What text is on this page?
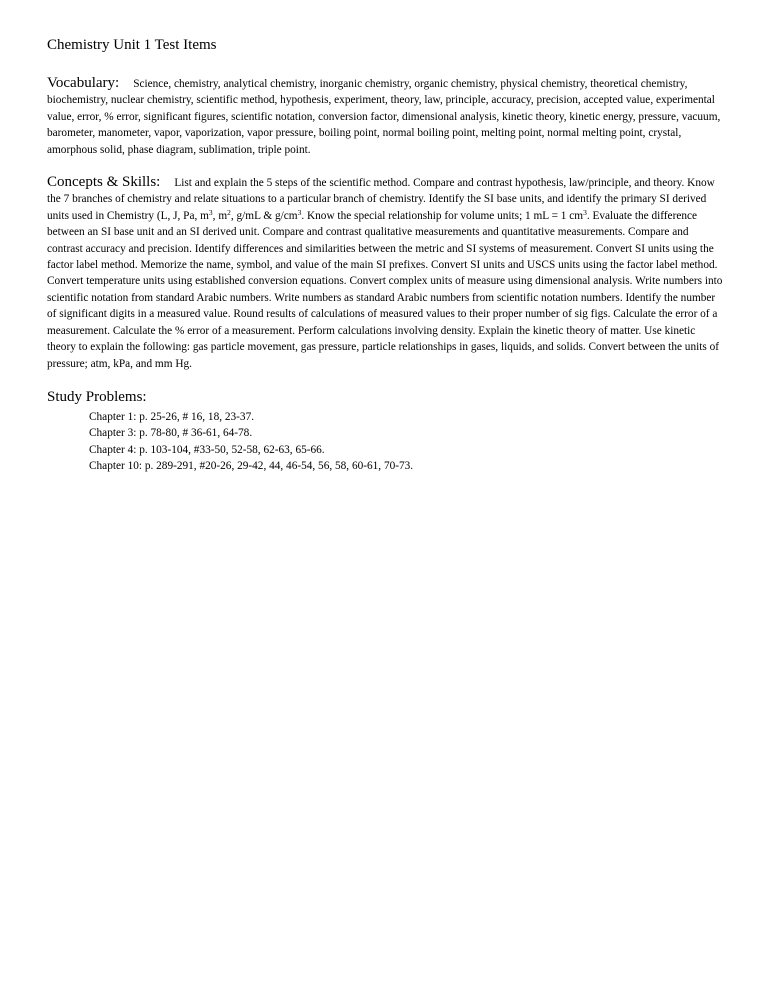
Chemistry Unit 1 Test Items

Vocabulary: Science, chemistry, analytical chemistry, inorganic chemistry, organic chemistry, physical chemistry, theoretical chemistry, biochemistry, nuclear chemistry, scientific method, hypothesis, experiment, theory, law, principle, accuracy, precision, accepted value, experimental value, error, % error, significant figures, scientific notation, conversion factor, dimensional analysis, kinetic theory, kinetic energy, pressure, vacuum, barometer, manometer, vapor, vaporization, vapor pressure, boiling point, normal boiling point, melting point, normal melting point, crystal, amorphous solid, phase diagram, sublimation, triple point.

Concepts & Skills: List and explain the 5 steps of the scientific method. Compare and contrast hypothesis, law/principle, and theory. Know the 7 branches of chemistry and relate situations to a particular branch of chemistry. Identify the SI base units, and identify the primary SI derived units used in Chemistry (L, J, Pa, $m^3$, $m^2$, g/mL & $g/cm^3$. Know the special relationship for volume units; 1 mL = 1 $cm^3$. Evaluate the difference between an SI base unit and an SI derived unit. Compare and contrast qualitative measurements and quantitative measurements. Compare and contrast accuracy and precision. Identify differences and similarities between the metric and SI systems of measurement. Convert SI units using the factor label method. Memorize the name, symbol, and value of the main SI prefixes. Convert SI units and USCS units using the factor label method. Convert temperature units using established conversion equations. Convert complex units of measure using dimensional analysis. Write numbers into scientific notation from standard Arabic numbers. Write numbers as standard Arabic numbers from scientific notation numbers. Identify the number of significant digits in a measured value. Round results of calculations of measured values to their proper number of sig figs. Calculate the error of a measurement. Calculate the % error of a measurement. Perform calculations involving density. Explain the kinetic theory of matter. Use kinetic theory to explain the following: gas particle movement, gas pressure, particle relationships in gases, liquids, and solids. Convert between the units of pressure; atm, kPa, and mm Hg.

Study Problems:
Chapter 1: p. 25-26, # 16, 18, 23-37.
Chapter 3: p. 78-80, # 36-61, 64-78.
Chapter 4: p. 103-104, #33-50, 52-58, 62-63, 65-66.
Chapter 10: p. 289-291, #20-26, 29-42, 44, 46-54, 56, 58, 60-61, 70-73.
